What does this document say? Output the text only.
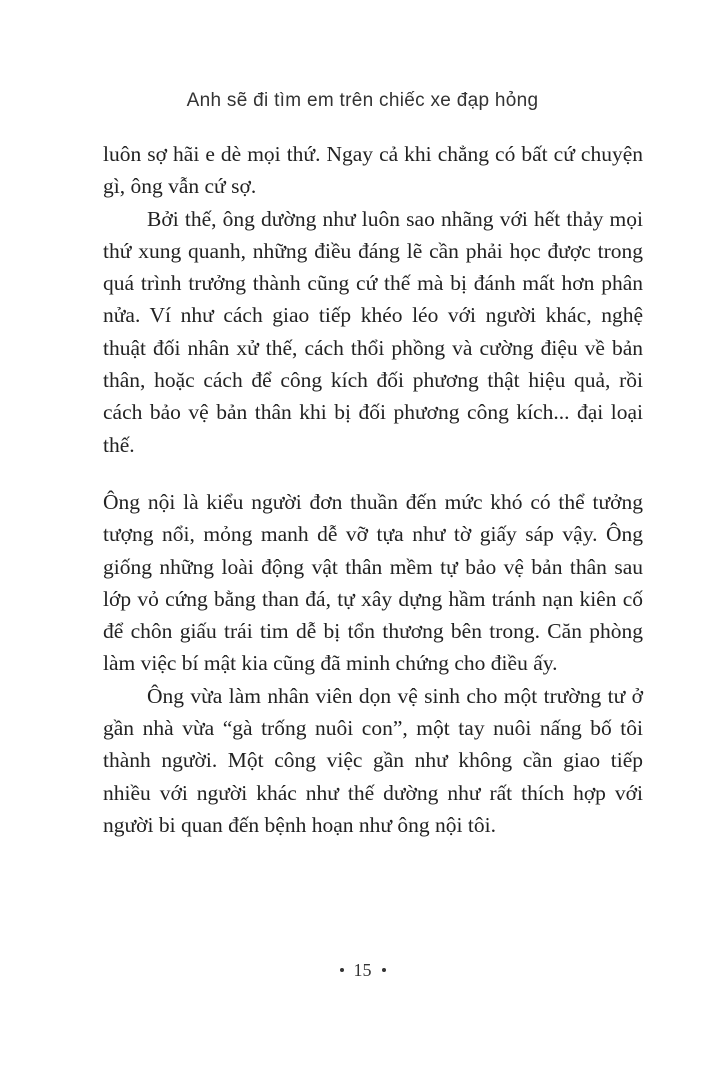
Anh sẽ đi tìm em trên chiếc xe đạp hỏng

luôn sợ hãi e dè mọi thứ. Ngay cả khi chẳng có bất cứ chuyện gì, ông vẫn cứ sợ.

Bởi thế, ông dường như luôn sao nhãng với hết thảy mọi thứ xung quanh, những điều đáng lẽ cần phải học được trong quá trình trưởng thành cũng cứ thế mà bị đánh mất hơn phân nửa. Ví như cách giao tiếp khéo léo với người khác, nghệ thuật đối nhân xử thế, cách thổi phồng và cường điệu về bản thân, hoặc cách để công kích đối phương thật hiệu quả, rồi cách bảo vệ bản thân khi bị đối phương công kích... đại loại thế.

Ông nội là kiểu người đơn thuần đến mức khó có thể tưởng tượng nổi, mỏng manh dễ vỡ tựa như tờ giấy sáp vậy. Ông giống những loài động vật thân mềm tự bảo vệ bản thân sau lớp vỏ cứng bằng than đá, tự xây dựng hầm tránh nạn kiên cố để chôn giấu trái tim dễ bị tổn thương bên trong. Căn phòng làm việc bí mật kia cũng đã minh chứng cho điều ấy.

Ông vừa làm nhân viên dọn vệ sinh cho một trường tư ở gần nhà vừa “gà trống nuôi con”, một tay nuôi nấng bố tôi thành người. Một công việc gần như không cần giao tiếp nhiều với người khác như thế dường như rất thích hợp với người bi quan đến bệnh hoạn như ông nội tôi.

15
